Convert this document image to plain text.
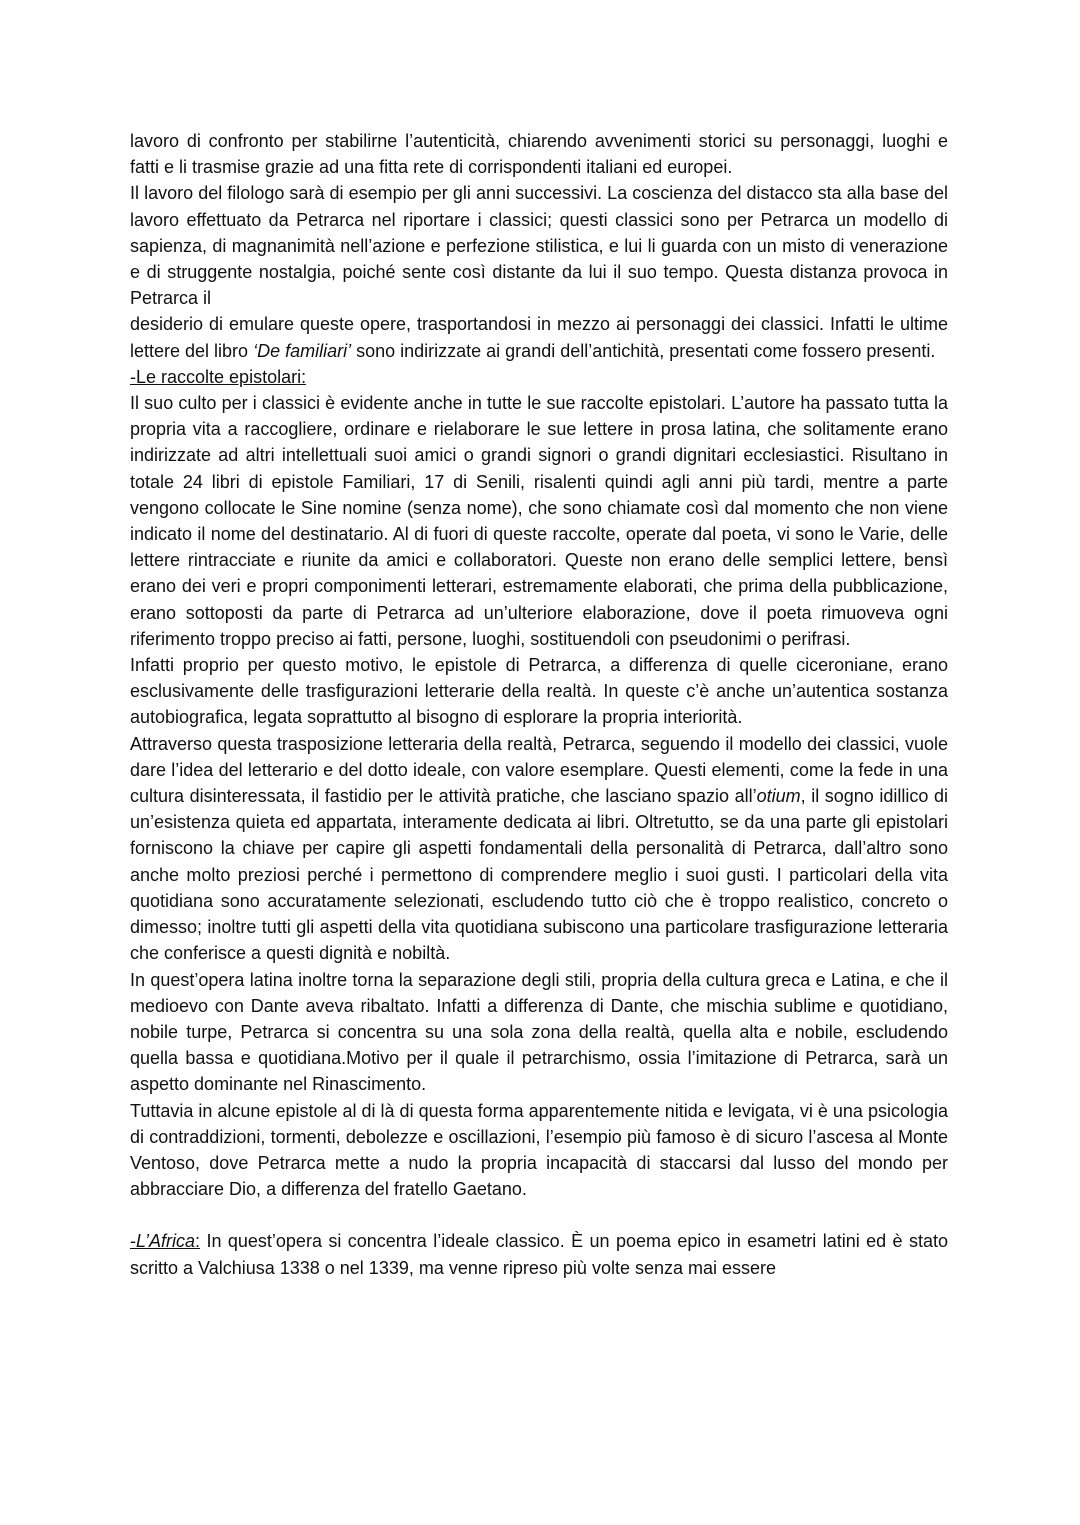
lavoro di confronto per stabilirne l’autenticità, chiarendo avvenimenti storici su personaggi, luoghi e fatti e li trasmise grazie ad una fitta rete di corrispondenti italiani ed europei.

Il lavoro del filologo sarà di esempio per gli anni successivi. La coscienza del distacco sta alla base del lavoro effettuato da Petrarca nel riportare i classici; questi classici sono per Petrarca un modello di sapienza, di magnanimità nell’azione e perfezione stilistica, e lui li guarda con un misto di venerazione e di struggente nostalgia, poiché sente così distante da lui il suo tempo. Questa distanza provoca in Petrarca il

desiderio di emulare queste opere, trasportandosi in mezzo ai personaggi dei classici. Infatti le ultime lettere del libro ‘De familiari’ sono indirizzate ai grandi dell’antichità, presentati come fossero presenti.

-Le raccolte epistolari:

Il suo culto per i classici è evidente anche in tutte le sue raccolte epistolari. L’autore ha passato tutta la propria vita a raccogliere, ordinare e rielaborare le sue lettere in prosa latina, che solitamente erano indirizzate ad altri intellettuali suoi amici o grandi signori o grandi dignitari ecclesiastici. Risultano in totale 24 libri di epistole Familiari, 17 di Senili, risalenti quindi agli anni più tardi, mentre a parte vengono collocate le Sine nomine (senza nome), che sono chiamate così dal momento che non viene indicato il nome del destinatario. Al di fuori di queste raccolte, operate dal poeta, vi sono le Varie, delle lettere rintracciate e riunite da amici e collaboratori. Queste non erano delle semplici lettere, bensì erano dei veri e propri componimenti letterari, estremamente elaborati, che prima della pubblicazione, erano sottoposti da parte di Petrarca ad un’ulteriore elaborazione, dove il poeta rimuoveva ogni riferimento troppo preciso ai fatti, persone, luoghi, sostituendoli con pseudonimi o perifrasi.

Infatti proprio per questo motivo, le epistole di Petrarca, a differenza di quelle ciceroniane, erano esclusivamente delle trasfigurazioni letterarie della realtà. In queste c’è anche un’autentica sostanza autobiografica, legata soprattutto al bisogno di esplorare la propria interiorità.

Attraverso questa trasposizione letteraria della realtà, Petrarca, seguendo il modello dei classici, vuole dare l’idea del letterario e del dotto ideale, con valore esemplare. Questi elementi, come la fede in una cultura disinteressata, il fastidio per le attività pratiche, che lasciano spazio all’otium, il sogno idillico di un’esistenza quieta ed appartata, interamente dedicata ai libri. Oltretutto, se da una parte gli epistolari forniscono la chiave per capire gli aspetti fondamentali della personalità di Petrarca, dall’altro sono anche molto preziosi perché i permettono di comprendere meglio i suoi gusti. I particolari della vita quotidiana sono accuratamente selezionati, escludendo tutto ciò che è troppo realistico, concreto o dimesso; inoltre tutti gli aspetti della vita quotidiana subiscono una particolare trasfigurazione letteraria che conferisce a questi dignità e nobiltà.

In quest’opera latina inoltre torna la separazione degli stili, propria della cultura greca e Latina, e che il medioevo con Dante aveva ribaltato. Infatti a differenza di Dante, che mischia sublime e quotidiano, nobile turpe, Petrarca si concentra su una sola zona della realtà, quella alta e nobile, escludendo quella bassa e quotidiana.Motivo per il quale il petrarchismo, ossia l’imitazione di Petrarca, sarà un aspetto dominante nel Rinascimento.

Tuttavia in alcune epistole al di là di questa forma apparentemente nitida e levigata, vi è una psicologia di contraddizioni, tormenti, debolezze e oscillazioni, l’esempio più famoso è di sicuro l’ascesa al Monte Ventoso, dove Petrarca mette a nudo la propria incapacità di staccarsi dal lusso del mondo per abbracciare Dio, a differenza del fratello Gaetano.

-L’Africa: In quest’opera si concentra l’ideale classico. È un poema epico in esametri latini ed è stato scritto a Valchiusa 1338 o nel 1339, ma venne ripreso più volte senza mai essere
